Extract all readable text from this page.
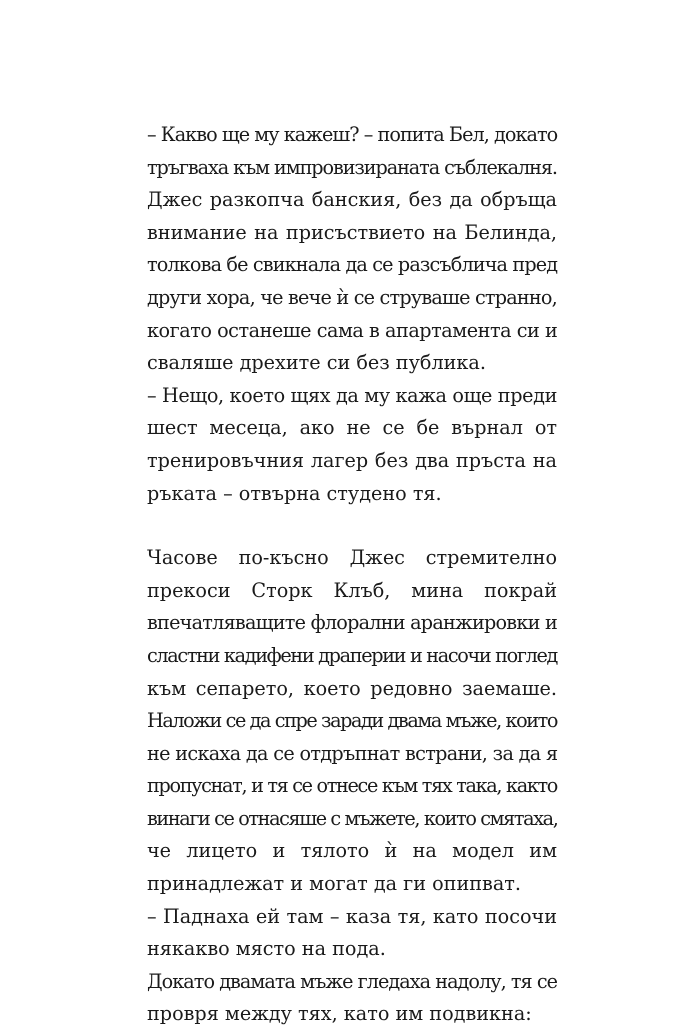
– Какво ще му кажеш? – попита Бел, докато
тръгваха към импровизираната съблекалня.

Джес разкопча банския, без да обръща
внимание на присъствието на Белинда,
толкова бе свикнала да се разсъблича пред
други хора, че вече ѝ се струваше странно,
когато останеше сама в апартамента си и
сваляше дрехите си без публика.

– Нещо, което щях да му кажа още преди
шест месеца, ако не се бе върнал от
тренировъчния лагер без два пръста на
ръката – отвърна студено тя.

Часове по-късно Джес стремително
прекоси Сторк Клъб, мина покрай
впечатляващите флорални аранжировки и
сластни кадифени драперии и насочи поглед
към сепарето, което редовно заемаше.
Наложи се да спре заради двама мъже, които
не искаха да се отдръпнат встрани, за да я
пропуснат, и тя се отнесе към тях така, както
винаги се отнасяше с мъжете, които смятаха,
че лицето и тялото ѝ на модел им
принадлежат и могат да ги опипват.

– Паднаха ей там – каза тя, като посочи
някакво място на пода.

Докато двамата мъже гледаха надолу, тя се
провря между тях, като им подвикна:
